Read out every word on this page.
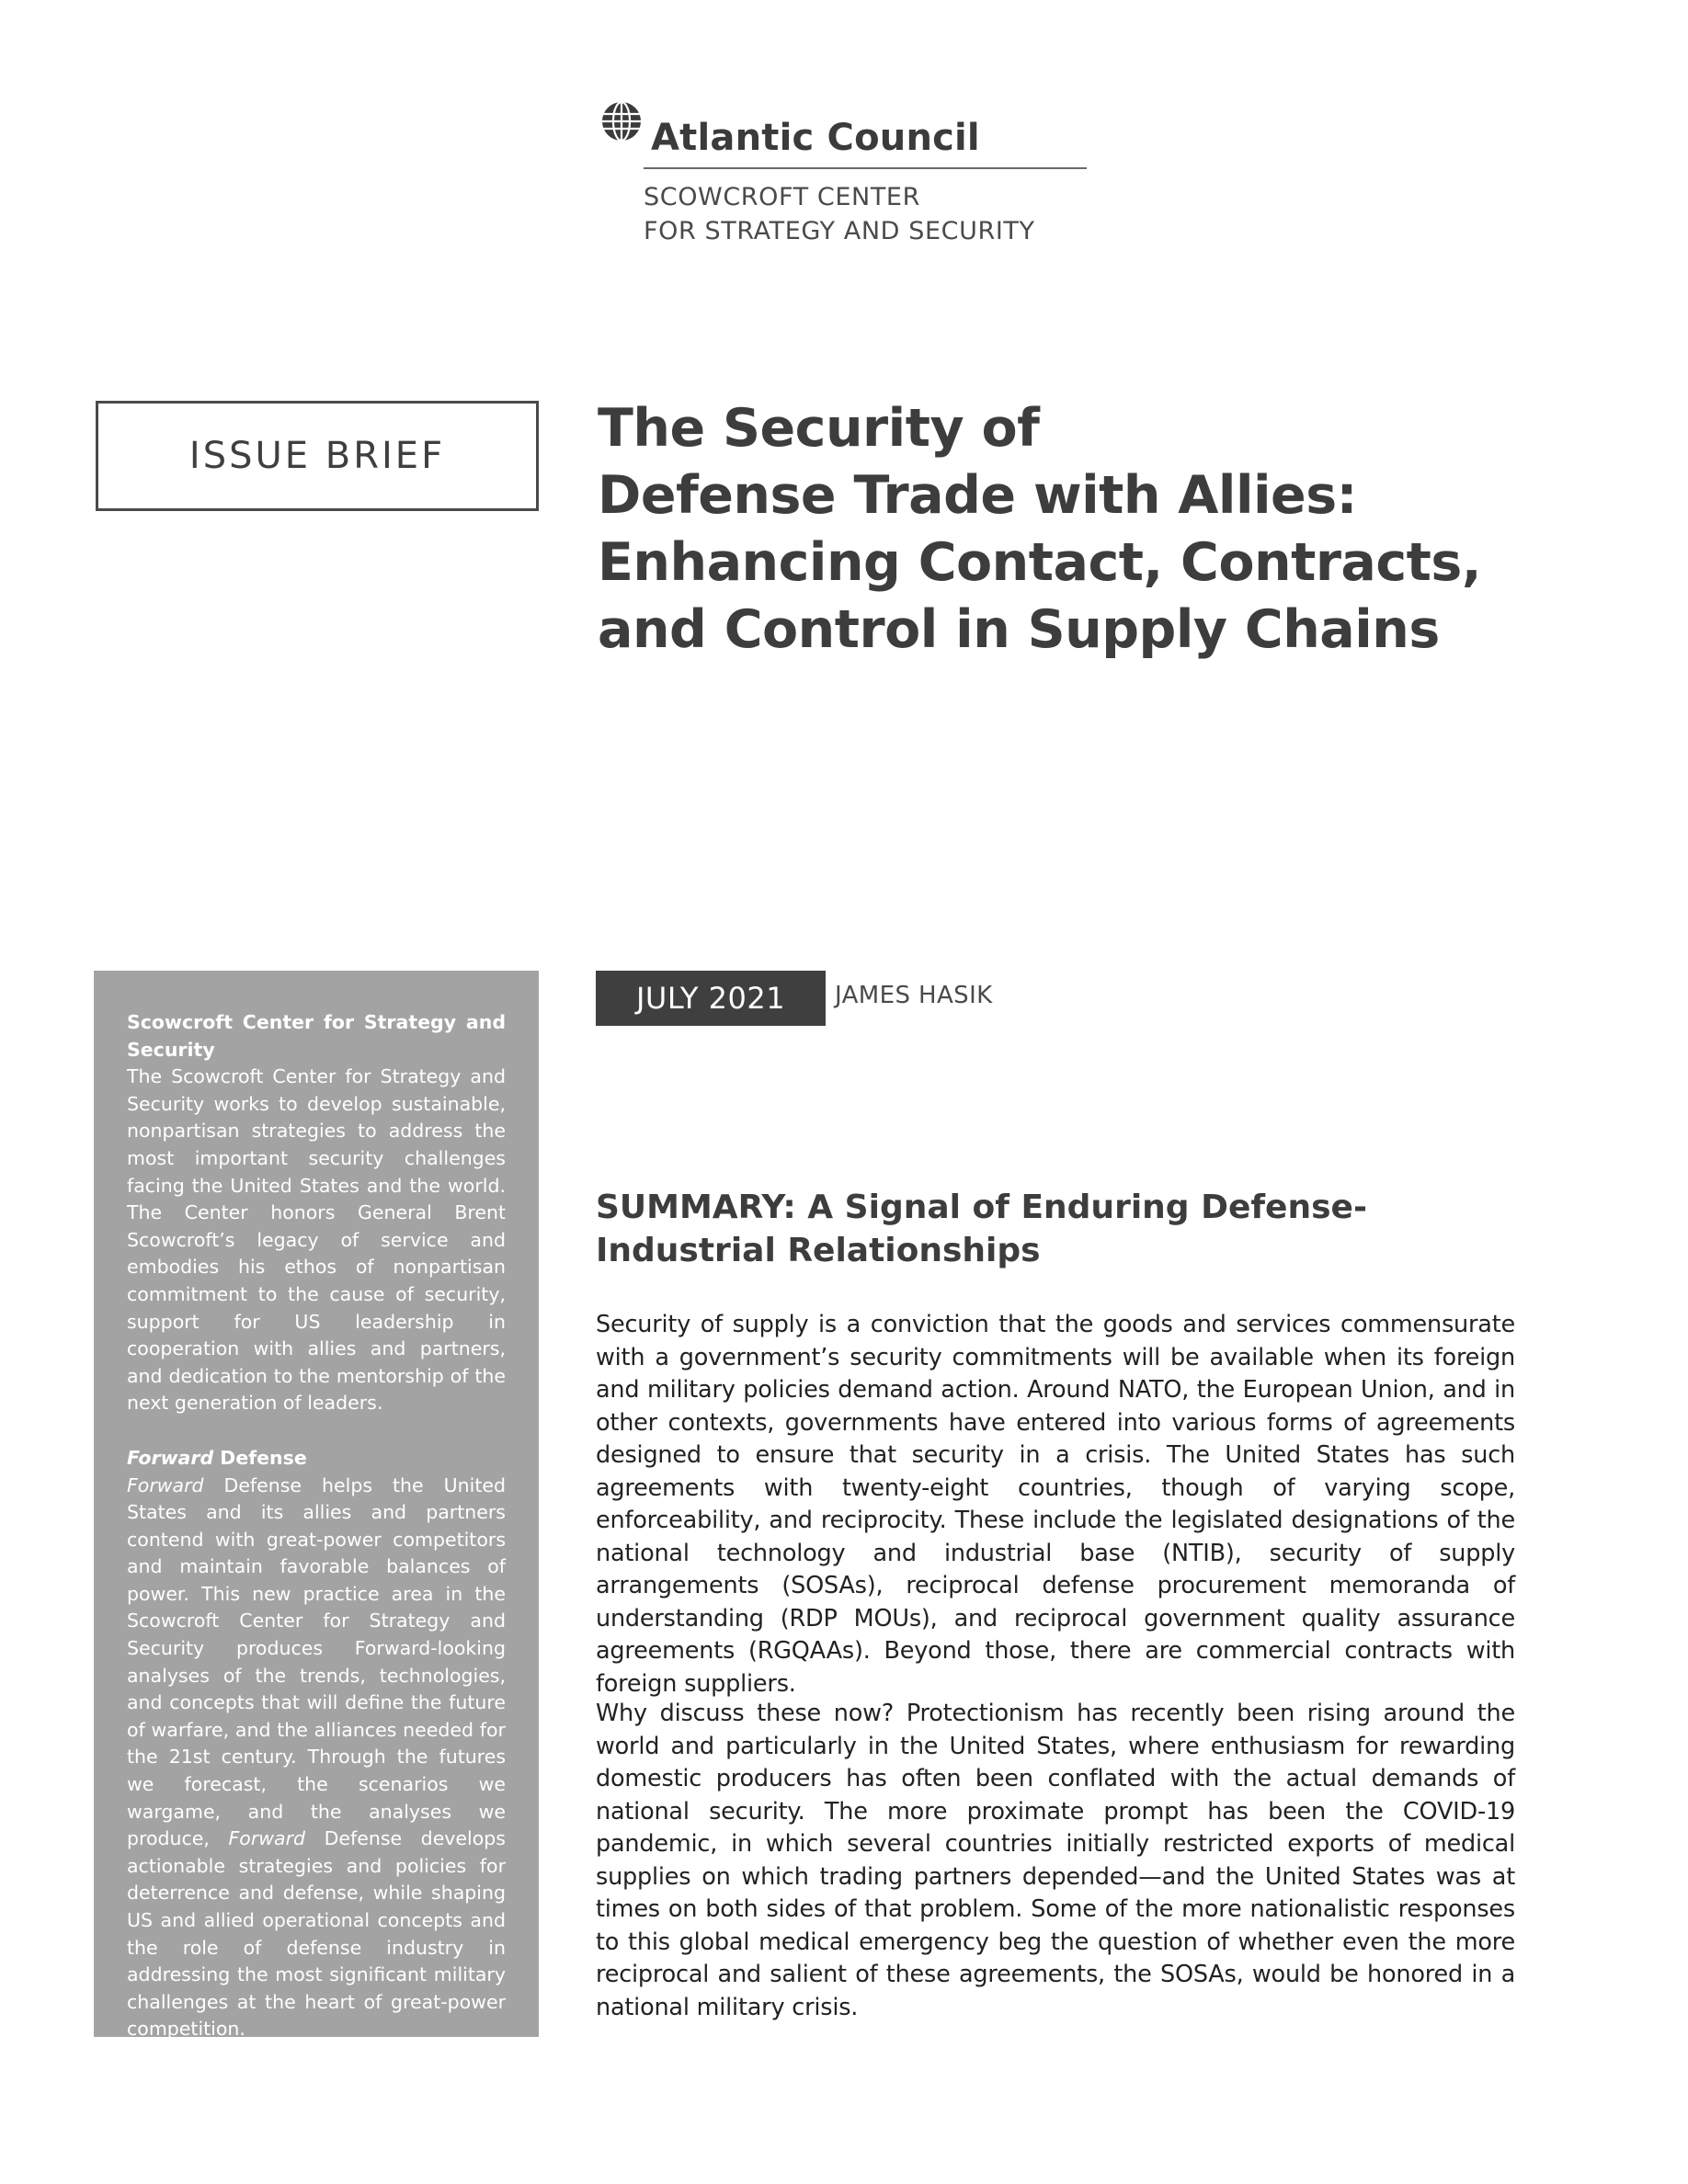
Atlantic Council
SCOWCROFT CENTER
FOR STRATEGY AND SECURITY
ISSUE BRIEF	The Security of
Defense Trade with Allies:
Enhancing Contact, Contracts,
and Control in Supply Chains

Scowcroft Center for Strategy and Security

The Scowcroft Center for Strategy and Security works to develop sustainable, nonpartisan strategies to address the most important security challenges facing the United States and the world. The Center honors General Brent Scowcroft’s legacy of service and embodies his ethos of nonpartisan commitment to the cause of security, support for US leadership in cooperation with allies and partners, and dedication to the mentorship of the next generation of leaders.

Forward Defense

Forward Defense helps the United States and its allies and partners contend with great-power competitors and maintain favorable balances of power. This new practice area in the Scowcroft Center for Strategy and Security produces Forward-looking analyses of the trends, technologies, and concepts that will define the future of warfare, and the alliances needed for the 21st century. Through the futures we forecast, the scenarios we wargame, and the analyses we produce, Forward Defense develops actionable strategies and policies for deterrence and defense, while shaping US and allied operational concepts and the role of defense industry in addressing the most significant military challenges at the heart of great-power competition.

JULY 2021	JAMES HASIK
SUMMARY: A Signal of Enduring Defense-Industrial Relationships

Security of supply is a conviction that the goods and services commensurate with a government’s security commitments will be available when its foreign and military policies demand action. Around NATO, the European Union, and in other contexts, governments have entered into various forms of agreements designed to ensure that security in a crisis. The United States has such agreements with twenty-eight countries, though of varying scope, enforceability, and reciprocity. These include the legislated designations of the national technology and industrial base (NTIB), security of supply arrangements (SOSAs), reciprocal defense procurement memoranda of understanding (RDP MOUs), and reciprocal government quality assurance agreements (RGQAAs). Beyond those, there are commercial contracts with foreign suppliers.

Why discuss these now? Protectionism has recently been rising around the world and particularly in the United States, where enthusiasm for rewarding domestic producers has often been conflated with the actual demands of national security. The more proximate prompt has been the COVID-19 pandemic, in which several countries initially restricted exports of medical supplies on which trading partners depended—and the United States was at times on both sides of that problem. Some of the more nationalistic responses to this global medical emergency beg the question of whether even the more reciprocal and salient of these agreements, the SOSAs, would be honored in a national military crisis.
